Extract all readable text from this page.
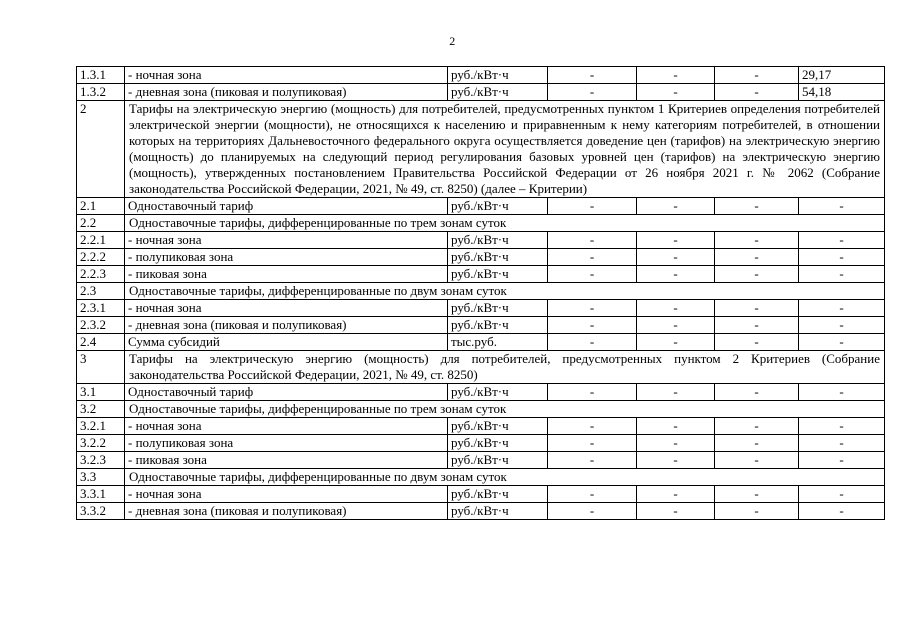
2
1.3.1	- ночная зона	руб./кВт·ч	-	-	-	29,17
1.3.2	- дневная зона (пиковая и полупиковая)	руб./кВт·ч	-	-	-	54,18
2	Тарифы на электрическую энергию (мощность) для потребителей, предусмотренных пунктом 1 Критериев определения потребителей электрической энергии (мощности), не относящихся к населению и приравненным к нему категориям потребителей, в отношении которых на территориях Дальневосточного федерального округа осуществляется доведение цен (тарифов) на электрическую энергию (мощность) до планируемых на следующий период регулирования базовых уровней цен (тарифов) на электрическую энергию (мощность), утвержденных постановлением Правительства Российской Федерации от 26 ноября 2021 г. № 2062 (Собрание законодательства Российской Федерации, 2021, № 49, ст. 8250) (далее – Критерии)					
2.1	Одноставочный тариф	руб./кВт·ч	-	-	-	-
2.2	Одноставочные тарифы, дифференцированные по трем зонам суток					
2.2.1	- ночная зона	руб./кВт·ч	-	-	-	-
2.2.2	- полупиковая зона	руб./кВт·ч	-	-	-	-
2.2.3	- пиковая зона	руб./кВт·ч	-	-	-	-
2.3	Одноставочные тарифы, дифференцированные по двум зонам суток					
2.3.1	- ночная зона	руб./кВт·ч	-	-	-	-
2.3.2	- дневная зона (пиковая и полупиковая)	руб./кВт·ч	-	-	-	-
2.4	Сумма субсидий	тыс.руб.	-	-	-	-
3	Тарифы на электрическую энергию (мощность) для потребителей, предусмотренных пунктом 2 Критериев (Собрание законодательства Российской Федерации, 2021, № 49, ст. 8250)					
3.1	Одноставочный тариф	руб./кВт·ч	-	-	-	-
3.2	Одноставочные тарифы, дифференцированные по трем зонам суток					
3.2.1	- ночная зона	руб./кВт·ч	-	-	-	-
3.2.2	- полупиковая зона	руб./кВт·ч	-	-	-	-
3.2.3	- пиковая зона	руб./кВт·ч	-	-	-	-
3.3	Одноставочные тарифы, дифференцированные по двум зонам суток					
3.3.1	- ночная зона	руб./кВт·ч	-	-	-	-
3.3.2	- дневная зона (пиковая и полупиковая)	руб./кВт·ч	-	-	-	-
